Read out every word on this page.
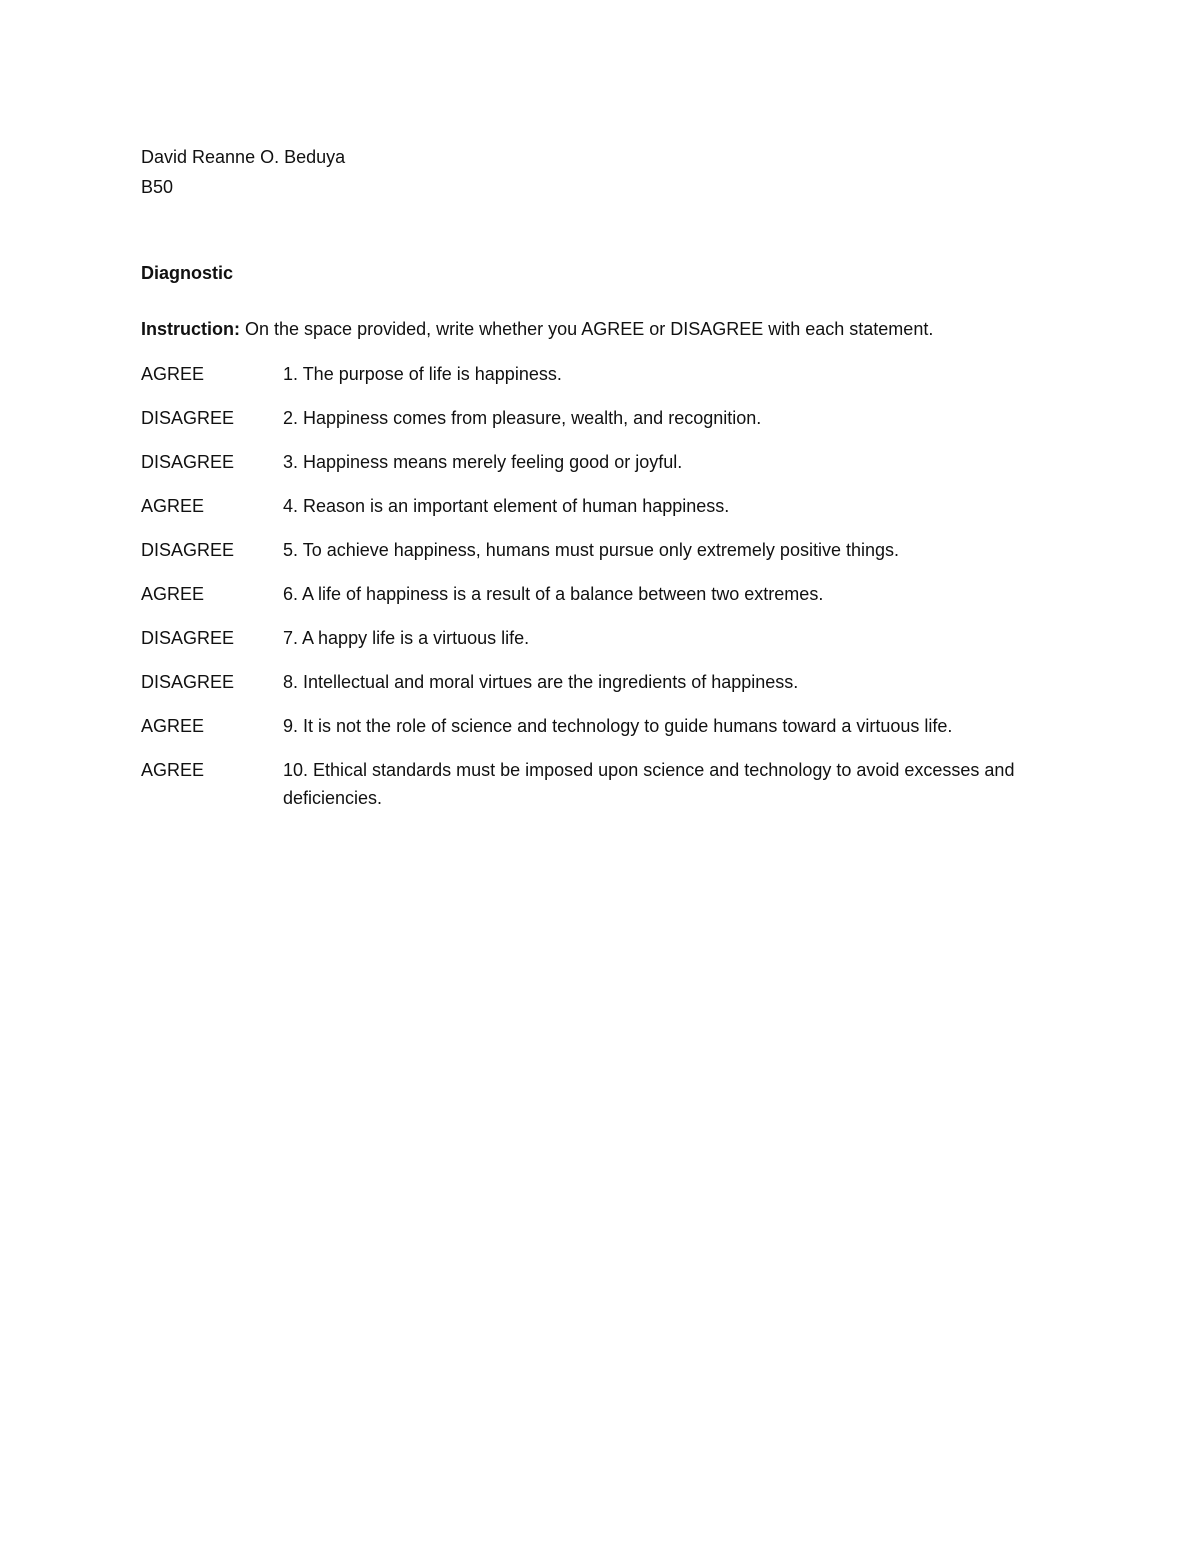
David Reanne O. Beduya
B50
Diagnostic
Instruction: On the space provided, write whether you AGREE or DISAGREE with each statement.
AGREE	1. The purpose of life is happiness.
DISAGREE	2. Happiness comes from pleasure, wealth, and recognition.
DISAGREE	3. Happiness means merely feeling good or joyful.
AGREE	4. Reason is an important element of human happiness.
DISAGREE	5. To achieve happiness, humans must pursue only extremely positive things.
AGREE	6. A life of happiness is a result of a balance between two extremes.
DISAGREE	7. A happy life is a virtuous life.
DISAGREE	8. Intellectual and moral virtues are the ingredients of happiness.
AGREE	9. It is not the role of science and technology to guide humans toward a virtuous life.
AGREE	10. Ethical standards must be imposed upon science and technology to avoid excesses and deficiencies.
